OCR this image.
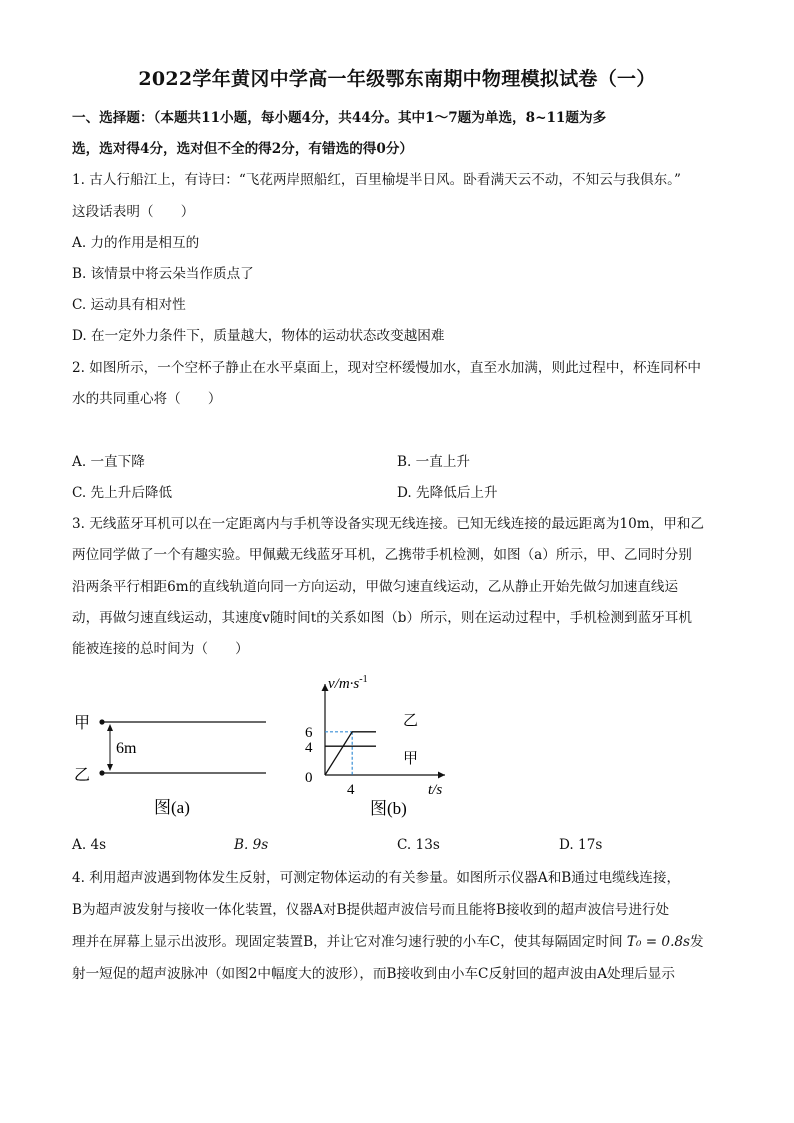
2022学年黄冈中学高一年级鄂东南期中物理模拟试卷（一）
一、选择题：（本题共11小题，每小题4分，共44分。其中1～7题为单选，8~11题为多
选，选对得4分，选对但不全的得2分，有错选的得0分）
1. 古人行船江上，有诗曰：“飞花两岸照船红，百里榆堤半日风。卧看满天云不动，不知云与我俱东。”
这段话表明（　　）
A. 力的作用是相互的
B. 该情景中将云朵当作质点了
C. 运动具有相对性
D. 在一定外力条件下，质量越大，物体的运动状态改变越困难
2. 如图所示，一个空杯子静止在水平桌面上，现对空杯缓慢加水，直至水加满，则此过程中，杯连同杯中
水的共同重心将（　　）
A. 一直下降	B. 一直上升
C. 先上升后降低	D. 先降低后上升
3. 无线蓝牙耳机可以在一定距离内与手机等设备实现无线连接。已知无线连接的最远距离为10m，甲和乙
两位同学做了一个有趣实验。甲佩戴无线蓝牙耳机，乙携带手机检测，如图（a）所示，甲、乙同时分别
沿两条平行相距6m的直线轨道向同一方向运动，甲做匀速直线运动，乙从静止开始先做匀加速直线运
动，再做匀速直线运动，其速度v随时间t的关系如图（b）所示，则在运动过程中，手机检测到蓝牙耳机
能被连接的总时间为（　　）
甲
乙
6m
图(a)
$v/m\cdot s^{-1}$
t/s
0
6
4
4
乙
甲
图(b)
A. 4s	B. 9s	C. 13s	D. 17s
4. 利用超声波遇到物体发生反射，可测定物体运动的有关参量。如图所示仪器A和B通过电缆线连接，
B为超声波发射与接收一体化装置，仪器A对B提供超声波信号而且能将B接收到的超声波信号进行处
理并在屏幕上显示出波形。现固定装置B，并让它对准匀速行驶的小车C，使其每隔固定时间 T₀ = 0.8s发
射一短促的超声波脉冲（如图2中幅度大的波形），而B接收到由小车C反射回的超声波由A处理后显示
